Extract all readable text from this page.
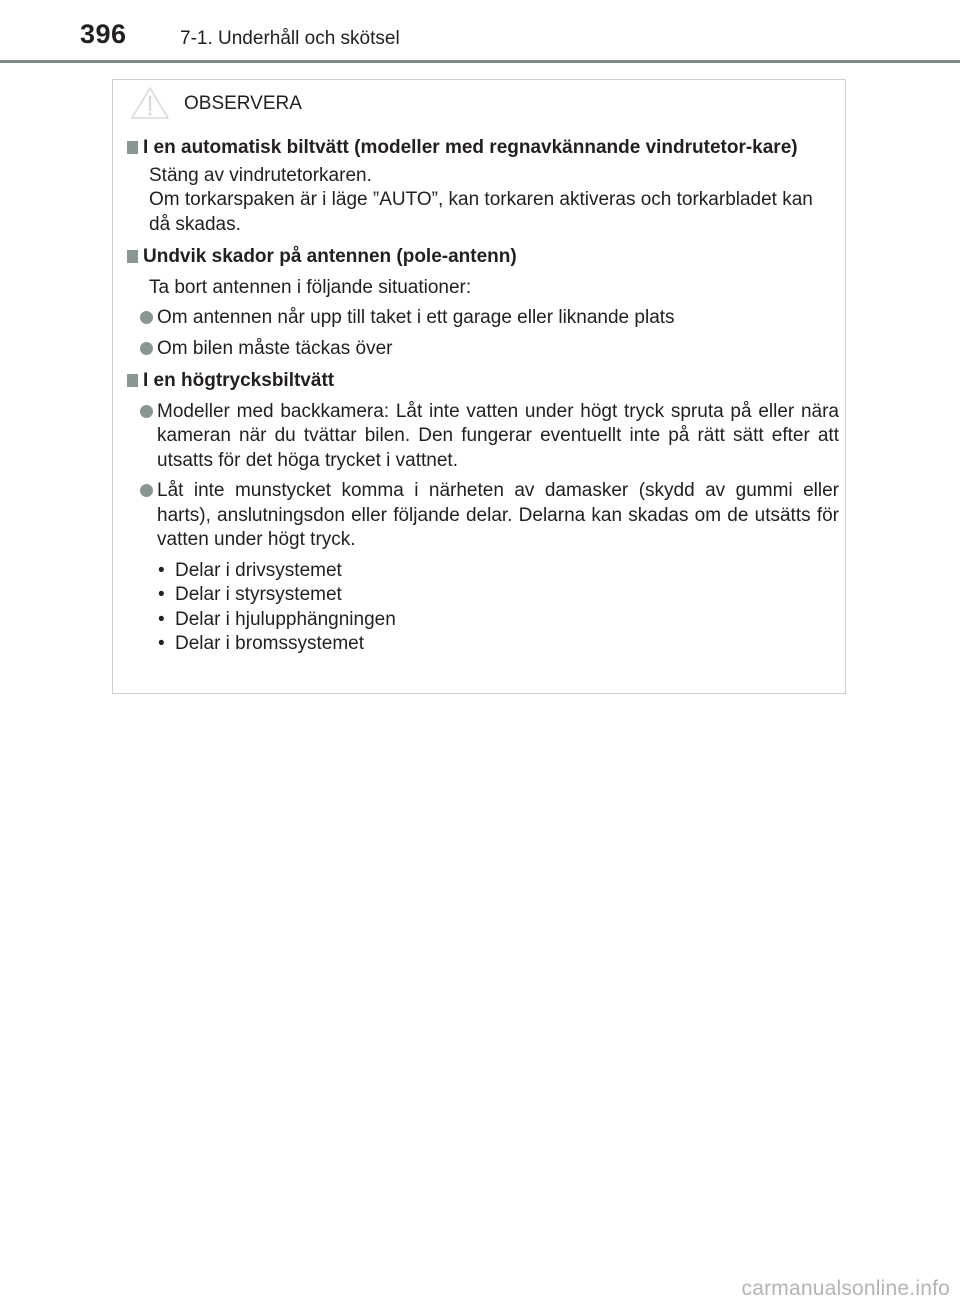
396	7-1. Underhåll och skötsel
OBSERVERA
I en automatisk biltvätt (modeller med regnavkännande vindrutetor-kare)
Stäng av vindrutetorkaren.
Om torkarspaken är i läge ”AUTO”, kan torkaren aktiveras och torkarbladet kan då skadas.
Undvik skador på antennen (pole-antenn)
Ta bort antennen i följande situationer:
Om antennen når upp till taket i ett garage eller liknande plats
Om bilen måste täckas över
I en högtrycksbiltvätt
Modeller med backkamera: Låt inte vatten under högt tryck spruta på eller nära kameran när du tvättar bilen. Den fungerar eventuellt inte på rätt sätt efter att utsatts för det höga trycket i vattnet.
Låt inte munstycket komma i närheten av damasker (skydd av gummi eller harts), anslutningsdon eller följande delar. Delarna kan skadas om de utsätts för vatten under högt tryck.
• Delar i drivsystemet
• Delar i styrsystemet
• Delar i hjulupphängningen
• Delar i bromssystemet
carmanualsonline.info
